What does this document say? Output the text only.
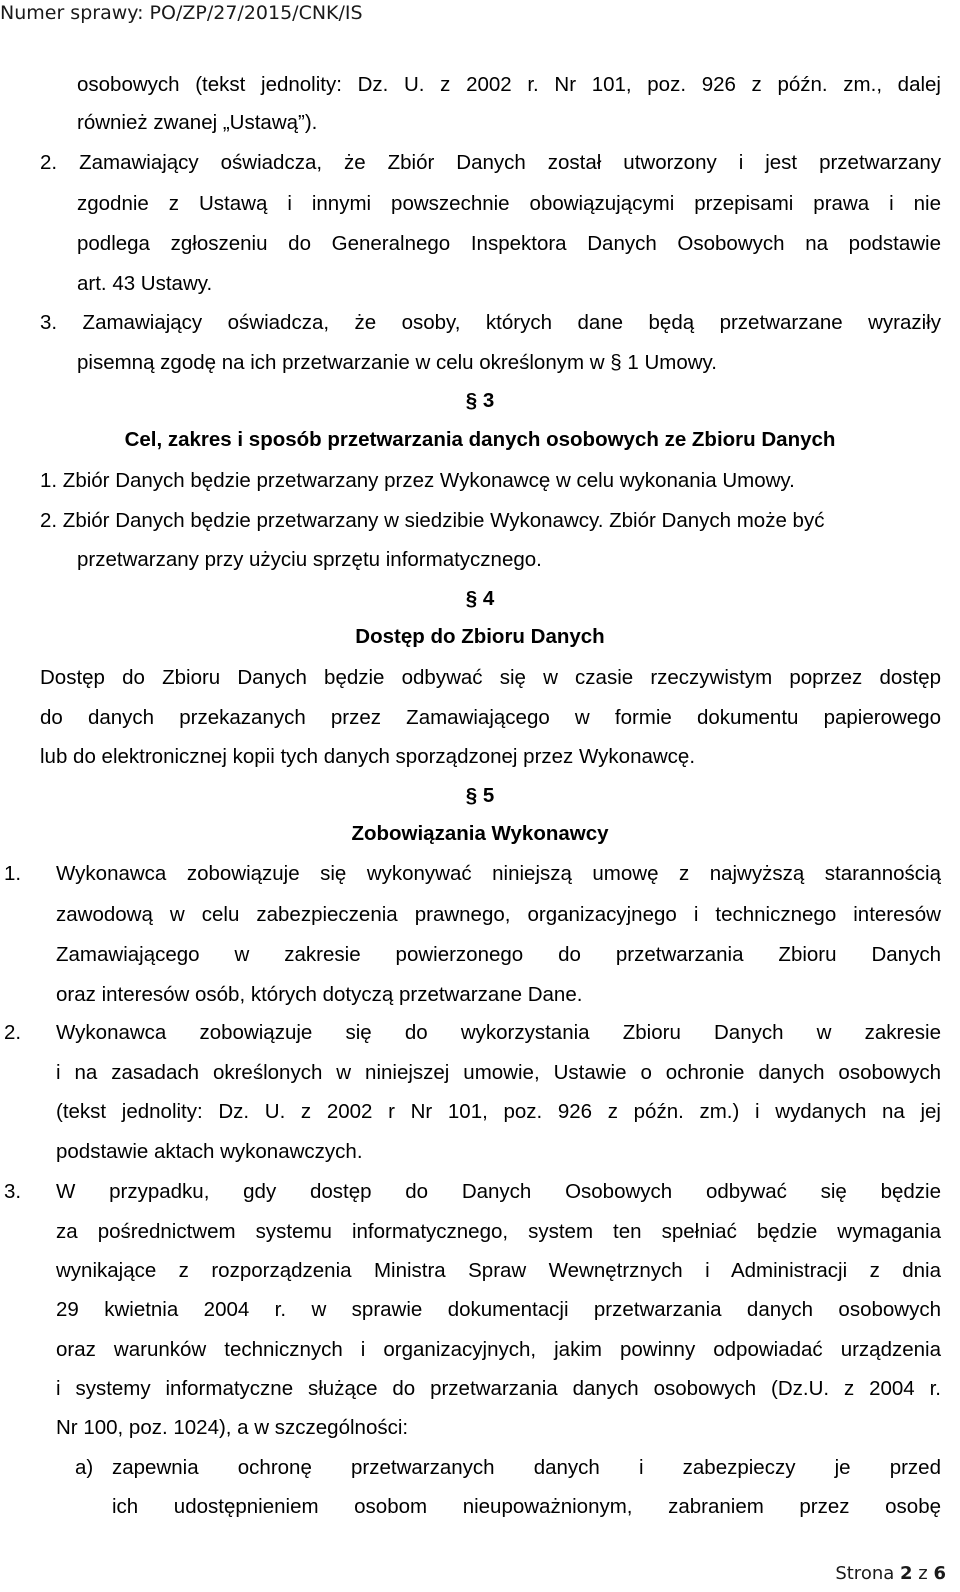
Numer sprawy: PO/ZP/27/2015/CNK/IS
osobowych (tekst jednolity: Dz. U. z 2002 r. Nr 101, poz. 926 z późn. zm., dalej
również zwanej „Ustawą”).
2. Zamawiający oświadcza, że Zbiór Danych został utworzony i jest przetwarzany
zgodnie z Ustawą i innymi powszechnie obowiązującymi przepisami prawa i nie
podlega zgłoszeniu do Generalnego Inspektora Danych Osobowych na podstawie
art. 43 Ustawy.
3. Zamawiający oświadcza, że osoby, których dane będą przetwarzane wyraziły
pisemną zgodę na ich przetwarzanie w celu określonym w § 1 Umowy.
§ 3
Cel, zakres i sposób przetwarzania danych osobowych ze Zbioru Danych
1. Zbiór Danych będzie przetwarzany przez Wykonawcę w celu wykonania Umowy.
2. Zbiór Danych będzie przetwarzany w siedzibie Wykonawcy. Zbiór Danych może być
przetwarzany przy użyciu sprzętu informatycznego.
§ 4
Dostęp do Zbioru Danych
Dostęp do Zbioru Danych będzie odbywać się w czasie rzeczywistym poprzez dostęp
do danych przekazanych przez Zamawiającego w formie dokumentu papierowego
lub do elektronicznej kopii tych danych sporządzonej przez Wykonawcę.
§ 5
Zobowiązania Wykonawcy
1. Wykonawca zobowiązuje się wykonywać niniejszą umowę z najwyższą starannością
zawodową w celu zabezpieczenia prawnego, organizacyjnego i technicznego interesów
Zamawiającego w zakresie powierzonego do przetwarzania Zbioru Danych
oraz interesów osób, których dotyczą przetwarzane Dane.
2. Wykonawca zobowiązuje się do wykorzystania Zbioru Danych w zakresie
i na zasadach określonych w niniejszej umowie, Ustawie o ochronie danych osobowych
(tekst jednolity: Dz. U. z 2002 r Nr 101, poz. 926 z późn. zm.) i wydanych na jej
podstawie aktach wykonawczych.
3. W przypadku, gdy dostęp do Danych Osobowych odbywać się będzie
za pośrednictwem systemu informatycznego, system ten spełniać będzie wymagania
wynikające z rozporządzenia Ministra Spraw Wewnętrznych i Administracji z dnia
29 kwietnia 2004 r. w sprawie dokumentacji przetwarzania danych osobowych
oraz warunków technicznych i organizacyjnych, jakim powinny odpowiadać urządzenia
i systemy informatyczne służące do przetwarzania danych osobowych (Dz.U. z 2004 r.
Nr 100, poz. 1024), a w szczególności:
a) zapewnia ochronę przetwarzanych danych i zabezpieczy je przed
ich udostępnieniem osobom nieupoważnionym, zabraniem przez osobę
Strona 2 z 6
